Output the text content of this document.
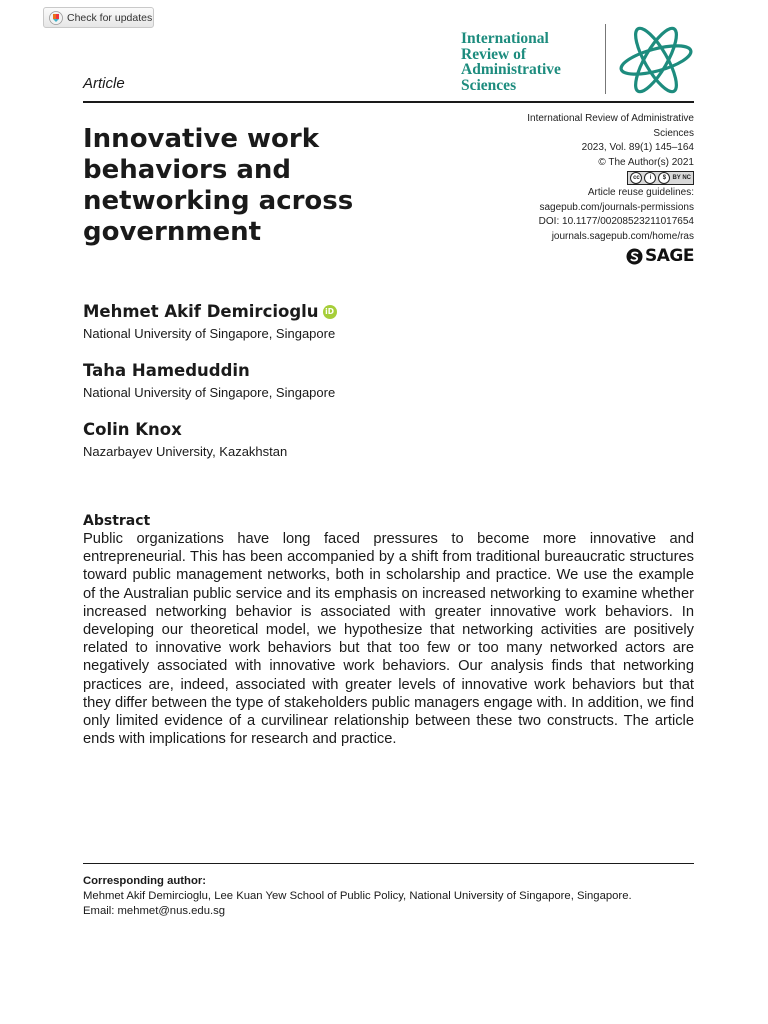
Check for updates
International
Review of
Administrative
Sciences
Article
Innovative work behaviors and networking across government
International Review of Administrative
Sciences
2023, Vol. 89(1) 145–164
© The Author(s) 2021
cc	i	$	BY NC
Article reuse guidelines:
sagepub.com/journals-permissions
DOI: 10.1177/00208523211017654
journals.sagepub.com/home/ras
SAGE
Mehmet Akif Demircioglu iD
National University of Singapore, Singapore
Taha Hameduddin
National University of Singapore, Singapore
Colin Knox
Nazarbayev University, Kazakhstan
Abstract
Public organizations have long faced pressures to become more innovative and entrepreneurial. This has been accompanied by a shift from traditional bureaucratic structures toward public management networks, both in scholarship and practice. We use the example of the Australian public service and its emphasis on increased networking to examine whether increased networking behavior is associated with greater innovative work behaviors. In developing our theoretical model, we hypothesize that networking activities are positively related to innovative work behaviors but that too few or too many networked actors are negatively associated with innovative work behaviors. Our analysis finds that networking practices are, indeed, associated with greater levels of innovative work behaviors but that they differ between the type of stakeholders public managers engage with. In addition, we find only limited evidence of a curvilinear relationship between these two constructs. The article ends with implications for research and practice.
Corresponding author:
Mehmet Akif Demircioglu, Lee Kuan Yew School of Public Policy, National University of Singapore, Singapore.
Email: mehmet@nus.edu.sg
